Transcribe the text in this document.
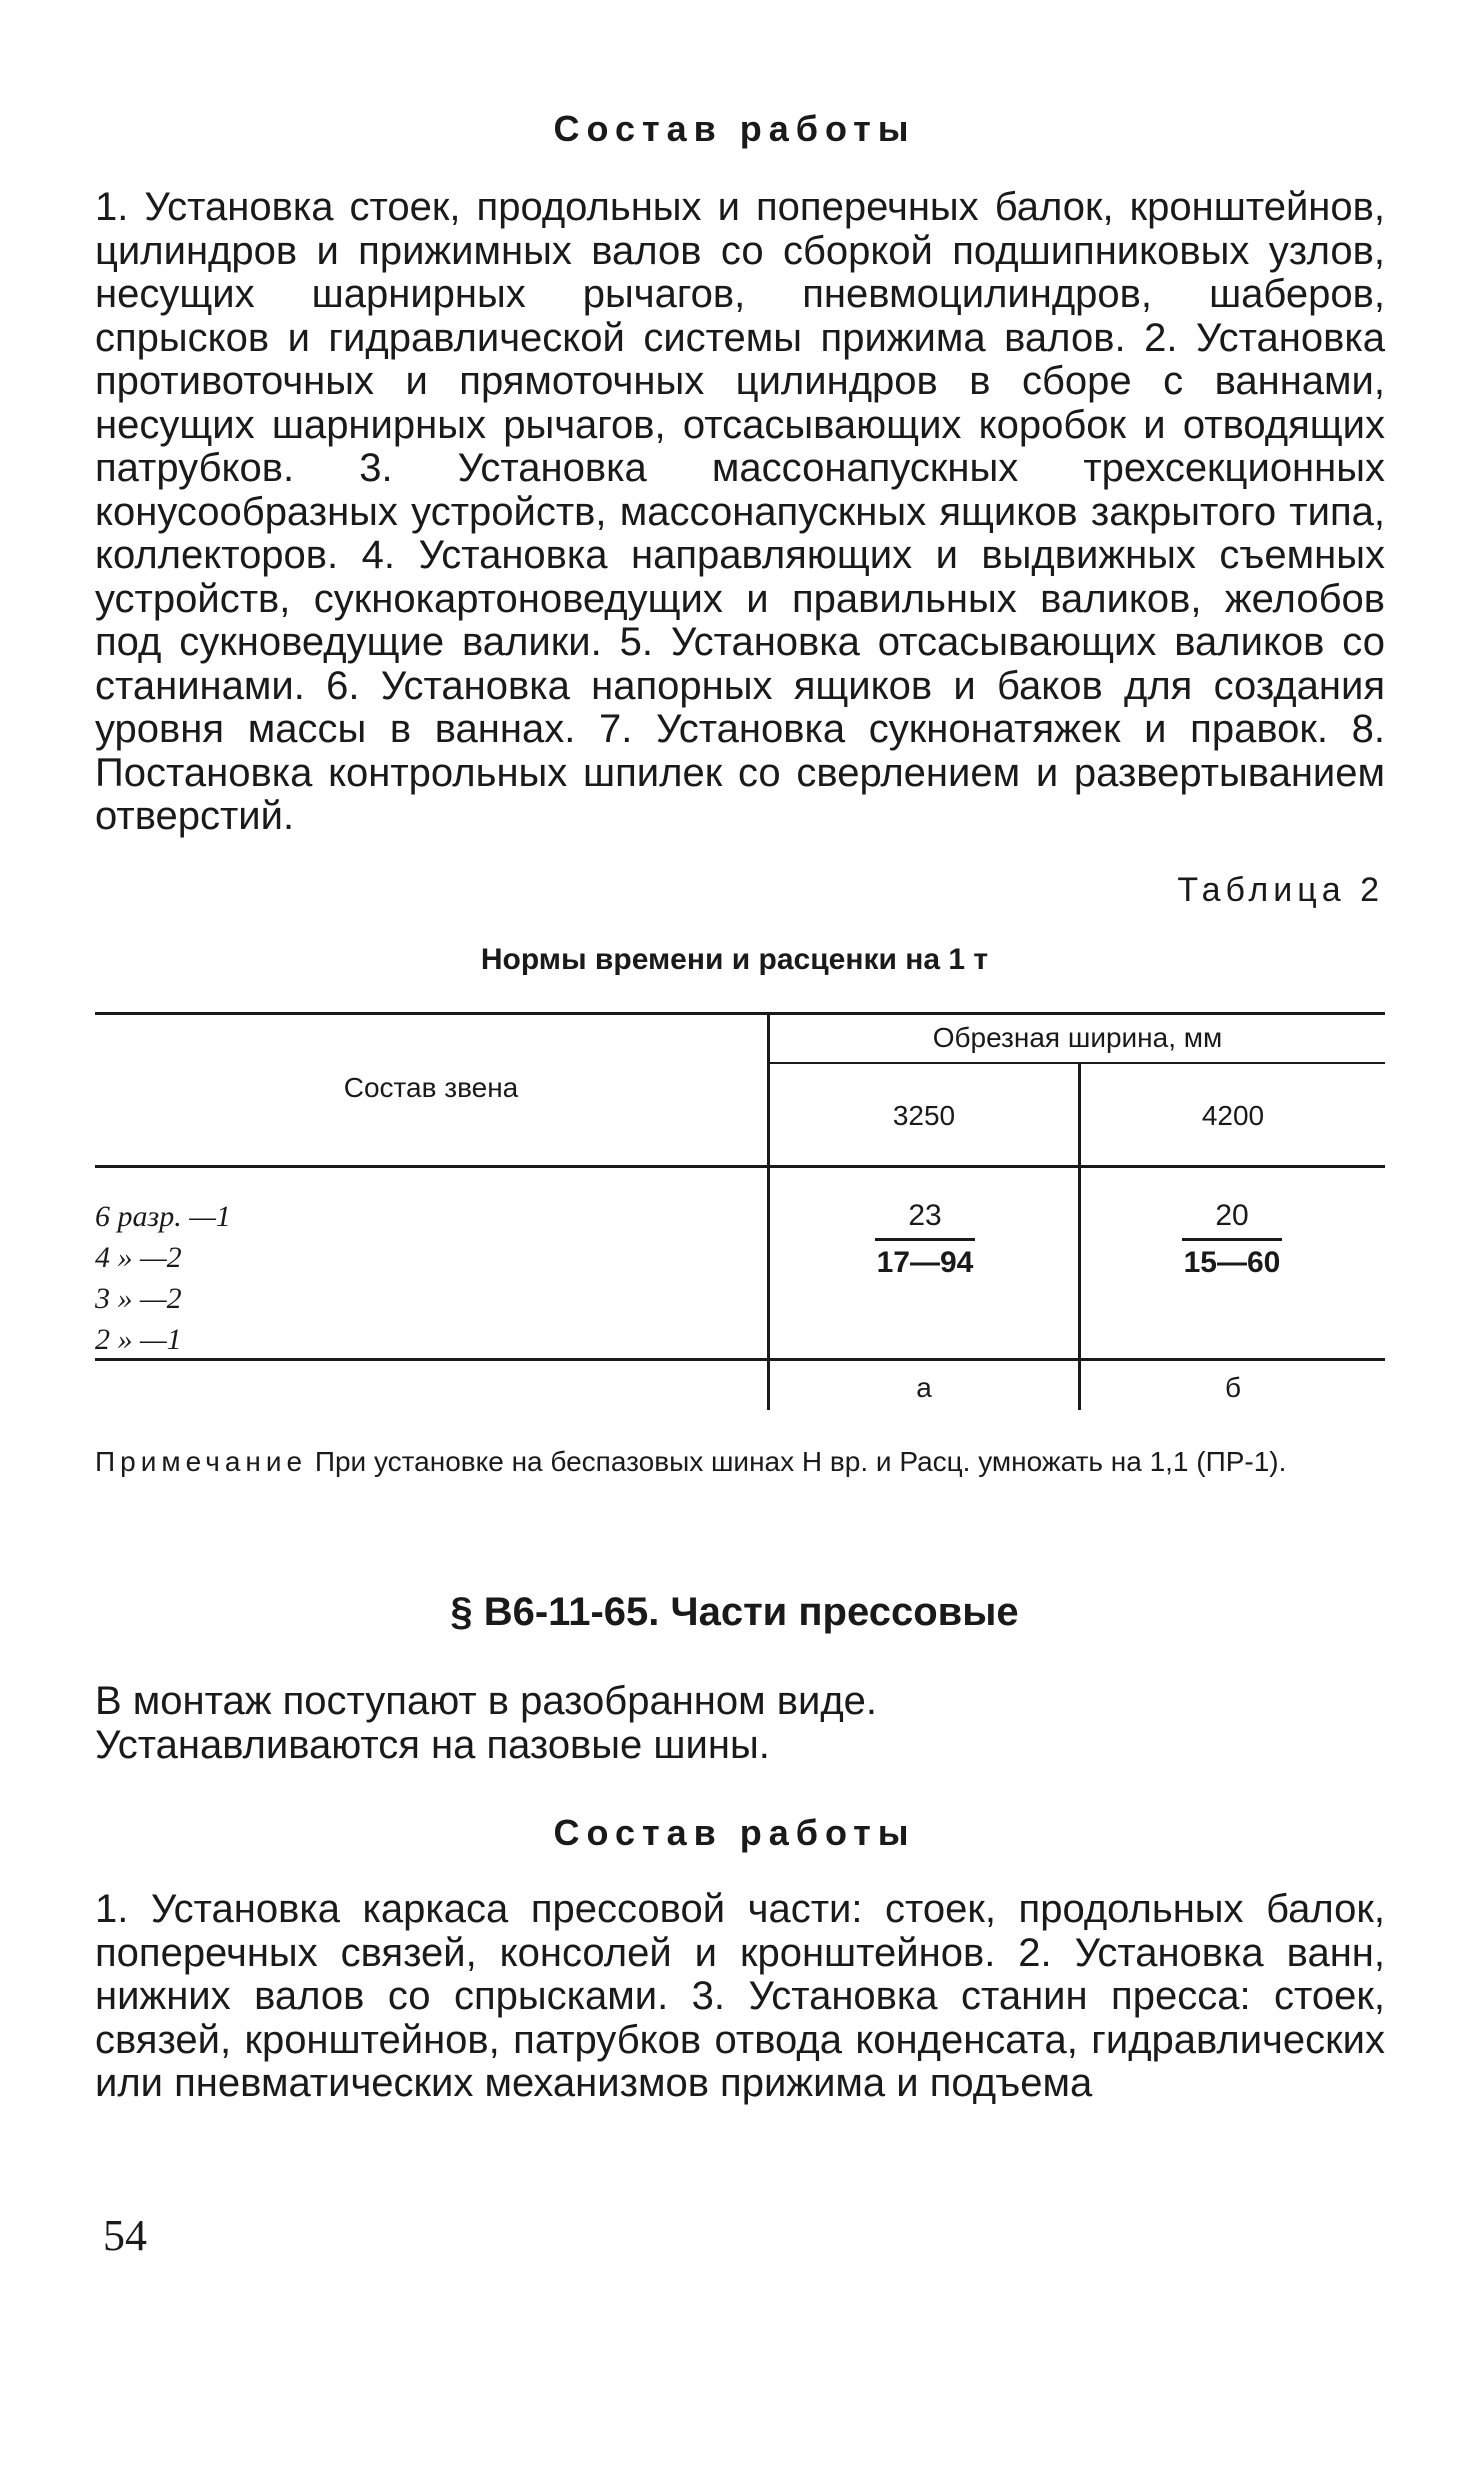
Состав работы
1. Установка стоек, продольных и поперечных балок, кронштейнов, цилиндров и прижимных валов со сборкой подшипниковых узлов, несущих шарнирных рычагов, пневмоцилиндров, шаберов, спрысков и гидравлической системы прижима валов. 2. Установка противоточных и прямоточных цилиндров в сборе с ваннами, несущих шарнирных рычагов, отсасывающих коробок и отводящих патрубков. 3. Установка массонапускных трехсекционных конусообразных устройств, массонапускных ящиков закрытого типа, коллекторов. 4. Установка направляющих и выдвижных съемных устройств, сукнокартоноведущих и правильных валиков, желобов под сукноведущие валики. 5. Установка отсасывающих валиков со станинами. 6. Установка напорных ящиков и баков для создания уровня массы в ваннах. 7. Установка сукнонатяжек и правок. 8. Постановка контрольных шпилек со сверлением и развертыванием отверстий.
Таблица 2
Нормы времени и расценки на 1 т
Состав звена
Обрезная ширина, мм
3250	4200
6 разр. —1
4 » —2
3 » —2
2 » —1
23
17—94
20
15—60
а	б
Примечание При установке на беспазовых шинах Н вр. и Расц. умножать на 1,1 (ПР-1).
§ В6-11-65. Части прессовые
В монтаж поступают в разобранном виде.
Устанавливаются на пазовые шины.
Состав работы
1. Установка каркаса прессовой части: стоек, продольных балок, поперечных связей, консолей и кронштейнов. 2. Установка ванн, нижних валов со спрысками. 3. Установка станин пресса: стоек, связей, кронштейнов, патрубков отвода конденсата, гидравлических или пневматических механизмов прижима и подъема
54
